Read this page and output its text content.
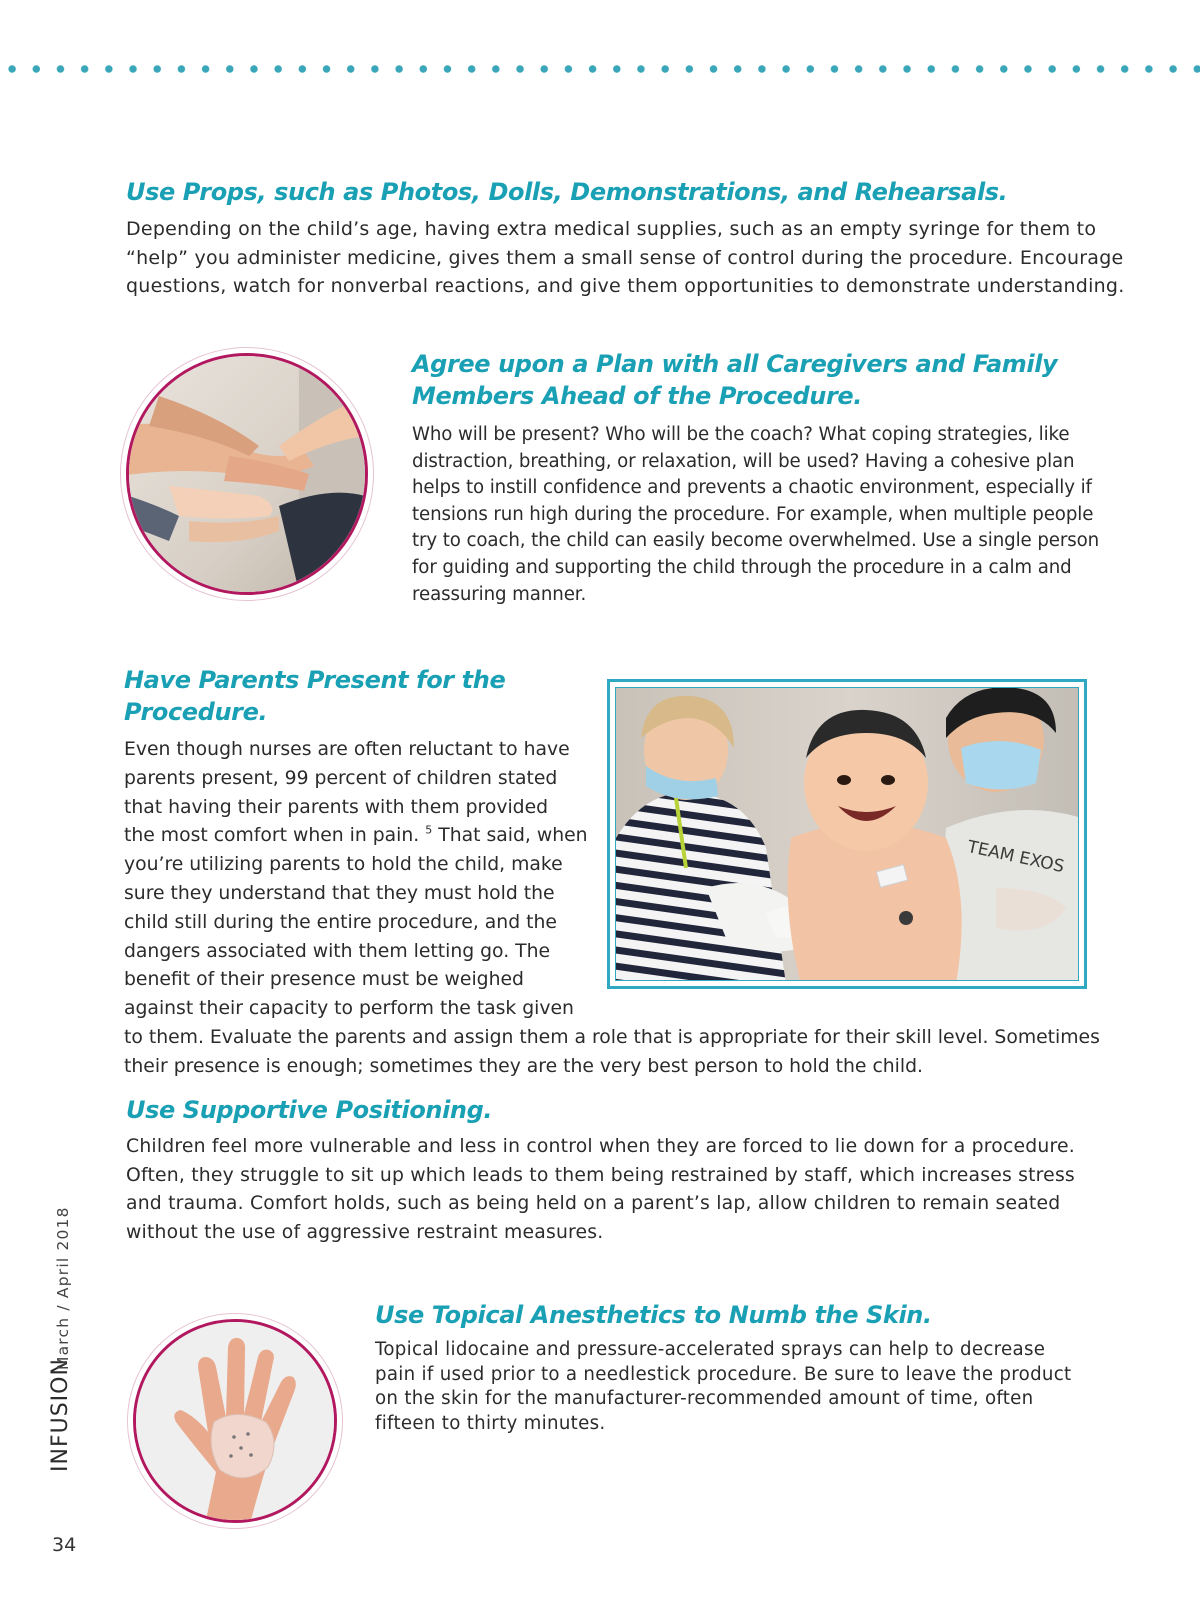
Use Props, such as Photos, Dolls, Demonstrations, and Rehearsals.
Depending on the child’s age, having extra medical supplies, such as an empty syringe for them to
“help” you administer medicine, gives them a small sense of control during the procedure. Encourage
questions, watch for nonverbal reactions, and give them opportunities to demonstrate understanding.
Agree upon a Plan with all Caregivers and Family
Members Ahead of the Procedure.
Who will be present? Who will be the coach? What coping strategies, like
distraction, breathing, or relaxation, will be used? Having a cohesive plan
helps to instill confidence and prevents a chaotic environment, especially if
tensions run high during the procedure. For example, when multiple people
try to coach, the child can easily become overwhelmed. Use a single person
for guiding and supporting the child through the procedure in a calm and
reassuring manner.
Have Parents Present for the
Procedure.
Even though nurses are often reluctant to have
parents present, 99 percent of children stated
that having their parents with them provided
the most comfort when in pain. $^5$ That said, when
you’re utilizing parents to hold the child, make
sure they understand that they must hold the
child still during the entire procedure, and the
dangers associated with them letting go. The
benefit of their presence must be weighed
against their capacity to perform the task given
to them. Evaluate the parents and assign them a role that is appropriate for their skill level. Sometimes
their presence is enough; sometimes they are the very best person to hold the child.
TEAM EXOS
Use Supportive Positioning.
Children feel more vulnerable and less in control when they are forced to lie down for a procedure.
Often, they struggle to sit up which leads to them being restrained by staff, which increases stress
and trauma. Comfort holds, such as being held on a parent’s lap, allow children to remain seated
without the use of aggressive restraint measures.
Use Topical Anesthetics to Numb the Skin.
Topical lidocaine and pressure-accelerated sprays can help to decrease
pain if used prior to a needlestick procedure. Be sure to leave the product
on the skin for the manufacturer-recommended amount of time, often
fifteen to thirty minutes.
INFUSION
March / April 2018
34
